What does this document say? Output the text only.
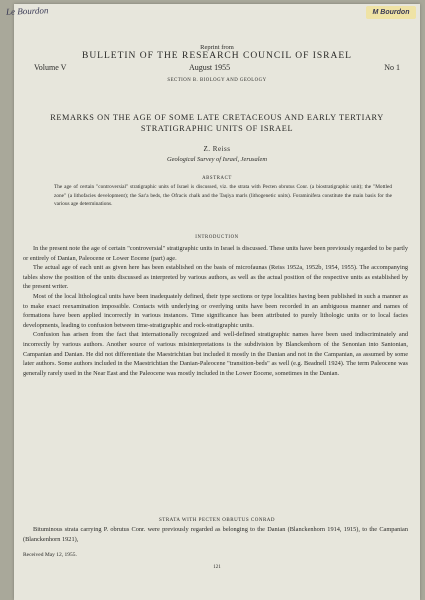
Le Bourdon	M Bourdon
Reprint from
BULLETIN OF THE RESEARCH COUNCIL OF ISRAEL
Volume V	August 1955	No 1
SECTION B. BIOLOGY AND GEOLOGY
REMARKS ON THE AGE OF SOME LATE CRETACEOUS AND EARLY TERTIARY STRATIGRAPHIC UNITS OF ISRAEL
Z. Reiss
Geological Survey of Israel, Jerusalem
ABSTRACT
The age of certain "controversial" stratigraphic units of Israel is discussed, viz. the strata with Pecten obrutus Conr. (a biostratigraphic unit); the "Mottled zone" (a lithofacies development); the Sar'a beds, the Ofracis chalk and the Taqiya marls (lithogenetic units). Foraminifera constitute the main basis for the various age determinations.
INTRODUCTION

In the present note the age of certain "controversial" stratigraphic units in Israel is discussed. These units have been previously regarded to be partly or entirely of Danian, Paleocene or Lower Eocene (part) age.

The actual age of each unit as given here has been established on the basis of microfaunas (Reiss 1952a, 1952b, 1954, 1955). The accompanying tables show the position of the units discussed as interpreted by various authors, as well as the actual position of the respective units as established by the present writer.

Most of the local lithological units have been inadequately defined, their type sections or type localities having been published in such a manner as to make exact reexamination impossible. Contacts with underlying or overlying units have been recorded in an ambiguous manner and names of formations have been applied incorrectly in various instances. Time significance has been attributed to purely lithologic units or to local facies developments, leading to confusion between time-stratigraphic and rock-stratigraphic units.

Confusion has arisen from the fact that internationally recognized and well-defined stratigraphic names have been used indiscriminately and incorrectly by various authors. Another source of various misinterpretations is the subdivision by Blanckenhorn of the Senonian into Santonian, Campanian and Danian. He did not differentiate the Maestrichtian but included it mostly in the Danian and not in the Campanian, as assumed by some later authors. Some authors included in the Maestrichtian the Danian-Paleocene "transition-beds" as well (e.g. Beadnell 1924). The term Paleocene was generally rarely used in the Near East and the Paleocene was mostly included in the Lower Eocene, sometimes in the Danian.

STRATA WITH PECTEN OBRUTUS CONRAD

Bituminous strata carrying P. obrutus Conr. were previously regarded as belonging to the Danian (Blanckenhorn 1914, 1915), to the Campanian (Blanckenhorn 1921),

Received May 12, 1955.
121
